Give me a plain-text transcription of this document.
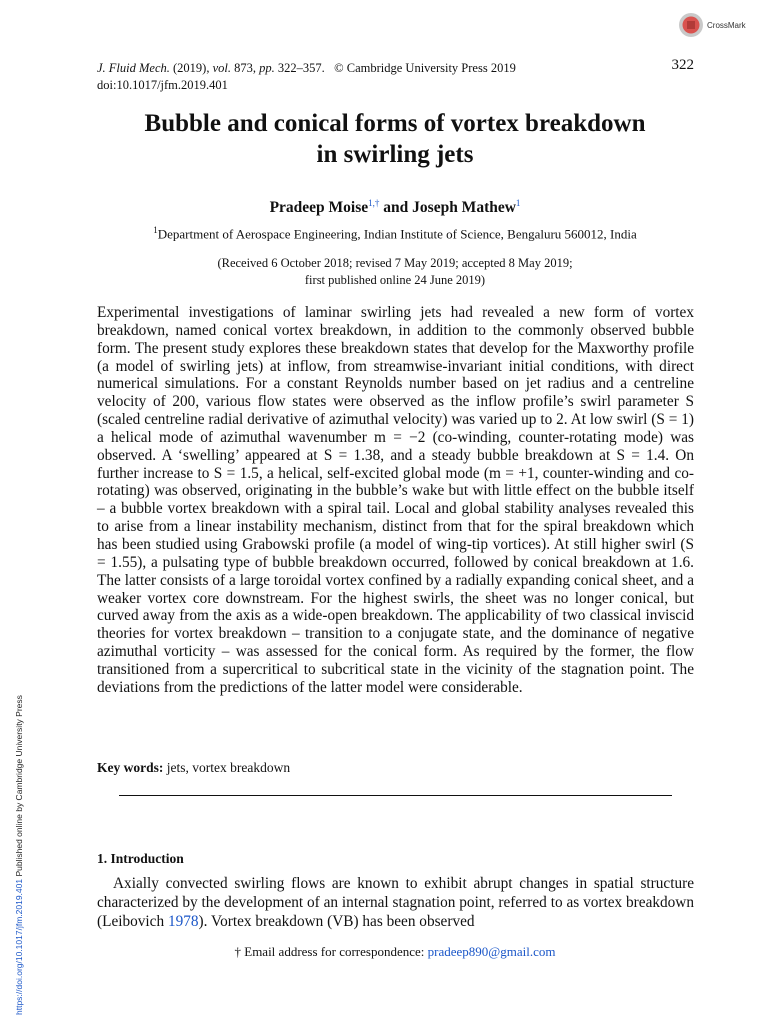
CrossMark
J. Fluid Mech. (2019), vol. 873, pp. 322–357. © Cambridge University Press 2019
doi:10.1017/jfm.2019.401
322
Bubble and conical forms of vortex breakdown
in swirling jets
Pradeep Moise$^{1,\dagger}$ and Joseph Mathew$^1$
$^1$Department of Aerospace Engineering, Indian Institute of Science, Bengaluru 560012, India
(Received 6 October 2018; revised 7 May 2019; accepted 8 May 2019;
first published online 24 June 2019)
Experimental investigations of laminar swirling jets had revealed a new form of vortex breakdown, named conical vortex breakdown, in addition to the commonly observed bubble form. The present study explores these breakdown states that develop for the Maxworthy profile (a model of swirling jets) at inflow, from streamwise-invariant initial conditions, with direct numerical simulations. For a constant Reynolds number based on jet radius and a centreline velocity of 200, various flow states were observed as the inflow profile’s swirl parameter S (scaled centreline radial derivative of azimuthal velocity) was varied up to 2. At low swirl (S = 1) a helical mode of azimuthal wavenumber m = −2 (co-winding, counter-rotating mode) was observed. A ‘swelling’ appeared at S = 1.38, and a steady bubble breakdown at S = 1.4. On further increase to S = 1.5, a helical, self-excited global mode (m = +1, counter-winding and co-rotating) was observed, originating in the bubble’s wake but with little effect on the bubble itself – a bubble vortex breakdown with a spiral tail. Local and global stability analyses revealed this to arise from a linear instability mechanism, distinct from that for the spiral breakdown which has been studied using Grabowski profile (a model of wing-tip vortices). At still higher swirl (S = 1.55), a pulsating type of bubble breakdown occurred, followed by conical breakdown at 1.6. The latter consists of a large toroidal vortex confined by a radially expanding conical sheet, and a weaker vortex core downstream. For the highest swirls, the sheet was no longer conical, but curved away from the axis as a wide-open breakdown. The applicability of two classical inviscid theories for vortex breakdown – transition to a conjugate state, and the dominance of negative azimuthal vorticity – was assessed for the conical form. As required by the former, the flow transitioned from a supercritical to subcritical state in the vicinity of the stagnation point. The deviations from the predictions of the latter model were considerable.
Key words: jets, vortex breakdown
1. Introduction
Axially convected swirling flows are known to exhibit abrupt changes in spatial structure characterized by the development of an internal stagnation point, referred to as vortex breakdown (Leibovich 1978). Vortex breakdown (VB) has been observed
† Email address for correspondence: pradeep890@gmail.com
https://doi.org/10.1017/jfm.2019.401 Published online by Cambridge University Press
